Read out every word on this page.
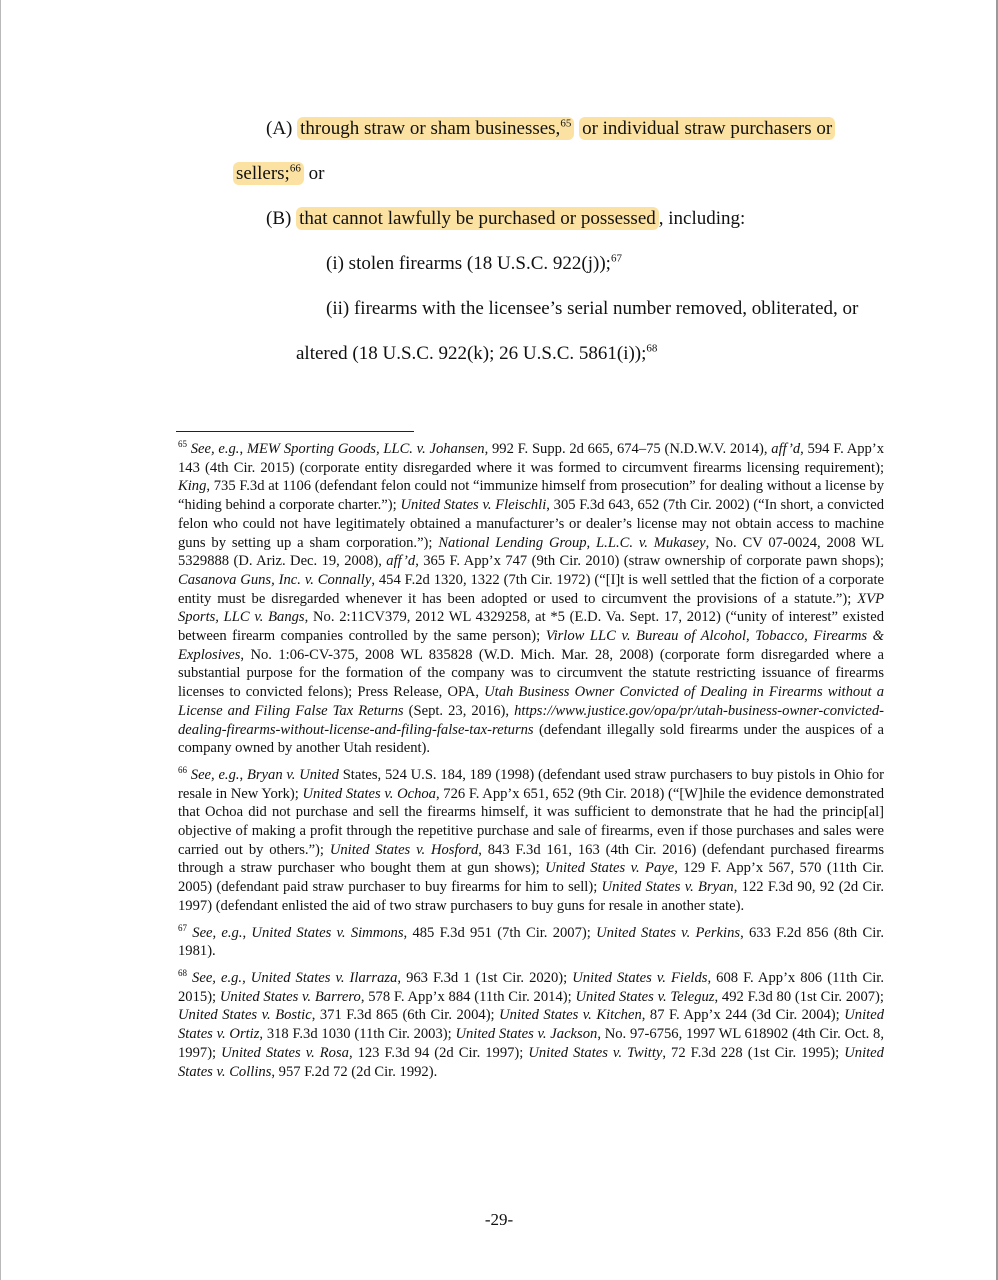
(A) through straw or sham businesses,$^{65}$ or individual straw purchasers or
sellers;$^{66}$ or
(B) that cannot lawfully be purchased or possessed , including:
(i) stolen firearms (18 U.S.C. 922(j));$^{67}$
(ii) firearms with the licensee’s serial number removed, obliterated, or
altered (18 U.S.C. 922(k); 26 U.S.C. 5861(i));$^{68}$

$^{65}$ See, e.g., MEW Sporting Goods, LLC. v. Johansen, 992 F. Supp. 2d 665, 674–75 (N.D.W.V. 2014), aff’d, 594 F. App’x 143 (4th Cir. 2015) (corporate entity disregarded where it was formed to circumvent firearms licensing requirement); King, 735 F.3d at 1106 (defendant felon could not “immunize himself from prosecution” for dealing without a license by “hiding behind a corporate charter.”); United States v. Fleischli, 305 F.3d 643, 652 (7th Cir. 2002) (“In short, a convicted felon who could not have legitimately obtained a manufacturer’s or dealer’s license may not obtain access to machine guns by setting up a sham corporation.”); National Lending Group, L.L.C. v. Mukasey, No. CV 07-0024, 2008 WL 5329888 (D. Ariz. Dec. 19, 2008), aff’d, 365 F. App’x 747 (9th Cir. 2010) (straw ownership of corporate pawn shops); Casanova Guns, Inc. v. Connally, 454 F.2d 1320, 1322 (7th Cir. 1972) (“[I]t is well settled that the fiction of a corporate entity must be disregarded whenever it has been adopted or used to circumvent the provisions of a statute.”); XVP Sports, LLC v. Bangs, No. 2:11CV379, 2012 WL 4329258, at *5 (E.D. Va. Sept. 17, 2012) (“unity of interest” existed between firearm companies controlled by the same person); Virlow LLC v. Bureau of Alcohol, Tobacco, Firearms & Explosives, No. 1:06-CV-375, 2008 WL 835828 (W.D. Mich. Mar. 28, 2008) (corporate form disregarded where a substantial purpose for the formation of the company was to circumvent the statute restricting issuance of firearms licenses to convicted felons); Press Release, OPA, Utah Business Owner Convicted of Dealing in Firearms without a License and Filing False Tax Returns (Sept. 23, 2016), https://www.justice.gov/opa/pr/utah-business-owner-convicted-dealing-firearms-without-license-and-filing-false-tax-returns (defendant illegally sold firearms under the auspices of a company owned by another Utah resident).

$^{66}$ See, e.g., Bryan v. United States, 524 U.S. 184, 189 (1998) (defendant used straw purchasers to buy pistols in Ohio for resale in New York); United States v. Ochoa, 726 F. App’x 651, 652 (9th Cir. 2018) (“[W]hile the evidence demonstrated that Ochoa did not purchase and sell the firearms himself, it was sufficient to demonstrate that he had the princip[al] objective of making a profit through the repetitive purchase and sale of firearms, even if those purchases and sales were carried out by others.”); United States v. Hosford, 843 F.3d 161, 163 (4th Cir. 2016) (defendant purchased firearms through a straw purchaser who bought them at gun shows); United States v. Paye, 129 F. App’x 567, 570 (11th Cir. 2005) (defendant paid straw purchaser to buy firearms for him to sell); United States v. Bryan, 122 F.3d 90, 92 (2d Cir. 1997) (defendant enlisted the aid of two straw purchasers to buy guns for resale in another state).

$^{67}$ See, e.g., United States v. Simmons, 485 F.3d 951 (7th Cir. 2007); United States v. Perkins, 633 F.2d 856 (8th Cir. 1981).

$^{68}$ See, e.g., United States v. Ilarraza, 963 F.3d 1 (1st Cir. 2020); United States v. Fields, 608 F. App’x 806 (11th Cir. 2015); United States v. Barrero, 578 F. App’x 884 (11th Cir. 2014); United States v. Teleguz, 492 F.3d 80 (1st Cir. 2007); United States v. Bostic, 371 F.3d 865 (6th Cir. 2004); United States v. Kitchen, 87 F. App’x 244 (3d Cir. 2004); United States v. Ortiz, 318 F.3d 1030 (11th Cir. 2003); United States v. Jackson, No. 97-6756, 1997 WL 618902 (4th Cir. Oct. 8, 1997); United States v. Rosa, 123 F.3d 94 (2d Cir. 1997); United States v. Twitty, 72 F.3d 228 (1st Cir. 1995); United States v. Collins, 957 F.2d 72 (2d Cir. 1992).

-29-
